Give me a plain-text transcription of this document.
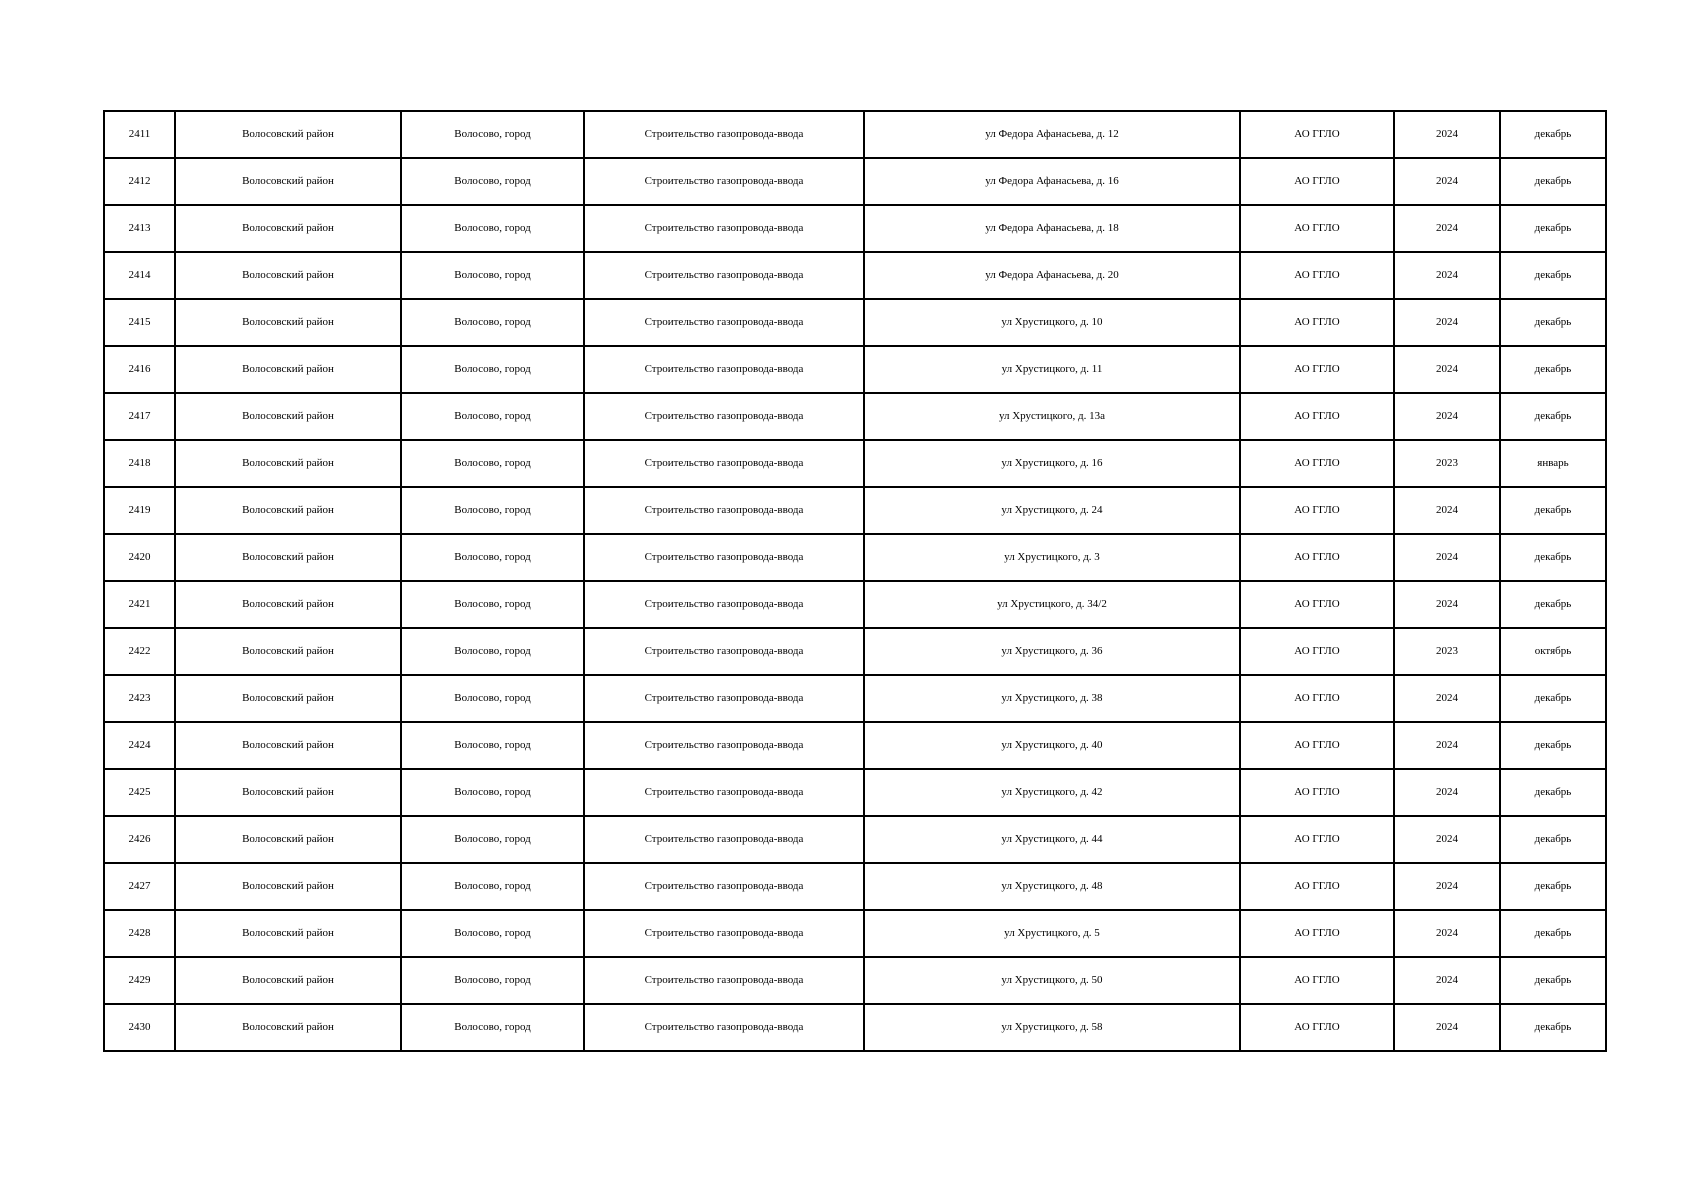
2411	Волосовский район	Волосово, город	Строительство газопровода-ввода	ул Федора Афанасьева, д. 12	АО ГГЛО	2024	декабрь
2412	Волосовский район	Волосово, город	Строительство газопровода-ввода	ул Федора Афанасьева, д. 16	АО ГГЛО	2024	декабрь
2413	Волосовский район	Волосово, город	Строительство газопровода-ввода	ул Федора Афанасьева, д. 18	АО ГГЛО	2024	декабрь
2414	Волосовский район	Волосово, город	Строительство газопровода-ввода	ул Федора Афанасьева, д. 20	АО ГГЛО	2024	декабрь
2415	Волосовский район	Волосово, город	Строительство газопровода-ввода	ул Хрустицкого, д. 10	АО ГГЛО	2024	декабрь
2416	Волосовский район	Волосово, город	Строительство газопровода-ввода	ул Хрустицкого, д. 11	АО ГГЛО	2024	декабрь
2417	Волосовский район	Волосово, город	Строительство газопровода-ввода	ул Хрустицкого, д. 13а	АО ГГЛО	2024	декабрь
2418	Волосовский район	Волосово, город	Строительство газопровода-ввода	ул Хрустицкого, д. 16	АО ГГЛО	2023	январь
2419	Волосовский район	Волосово, город	Строительство газопровода-ввода	ул Хрустицкого, д. 24	АО ГГЛО	2024	декабрь
2420	Волосовский район	Волосово, город	Строительство газопровода-ввода	ул Хрустицкого, д. 3	АО ГГЛО	2024	декабрь
2421	Волосовский район	Волосово, город	Строительство газопровода-ввода	ул Хрустицкого, д. 34/2	АО ГГЛО	2024	декабрь
2422	Волосовский район	Волосово, город	Строительство газопровода-ввода	ул Хрустицкого, д. 36	АО ГГЛО	2023	октябрь
2423	Волосовский район	Волосово, город	Строительство газопровода-ввода	ул Хрустицкого, д. 38	АО ГГЛО	2024	декабрь
2424	Волосовский район	Волосово, город	Строительство газопровода-ввода	ул Хрустицкого, д. 40	АО ГГЛО	2024	декабрь
2425	Волосовский район	Волосово, город	Строительство газопровода-ввода	ул Хрустицкого, д. 42	АО ГГЛО	2024	декабрь
2426	Волосовский район	Волосово, город	Строительство газопровода-ввода	ул Хрустицкого, д. 44	АО ГГЛО	2024	декабрь
2427	Волосовский район	Волосово, город	Строительство газопровода-ввода	ул Хрустицкого, д. 48	АО ГГЛО	2024	декабрь
2428	Волосовский район	Волосово, город	Строительство газопровода-ввода	ул Хрустицкого, д. 5	АО ГГЛО	2024	декабрь
2429	Волосовский район	Волосово, город	Строительство газопровода-ввода	ул Хрустицкого, д. 50	АО ГГЛО	2024	декабрь
2430	Волосовский район	Волосово, город	Строительство газопровода-ввода	ул Хрустицкого, д. 58	АО ГГЛО	2024	декабрь
